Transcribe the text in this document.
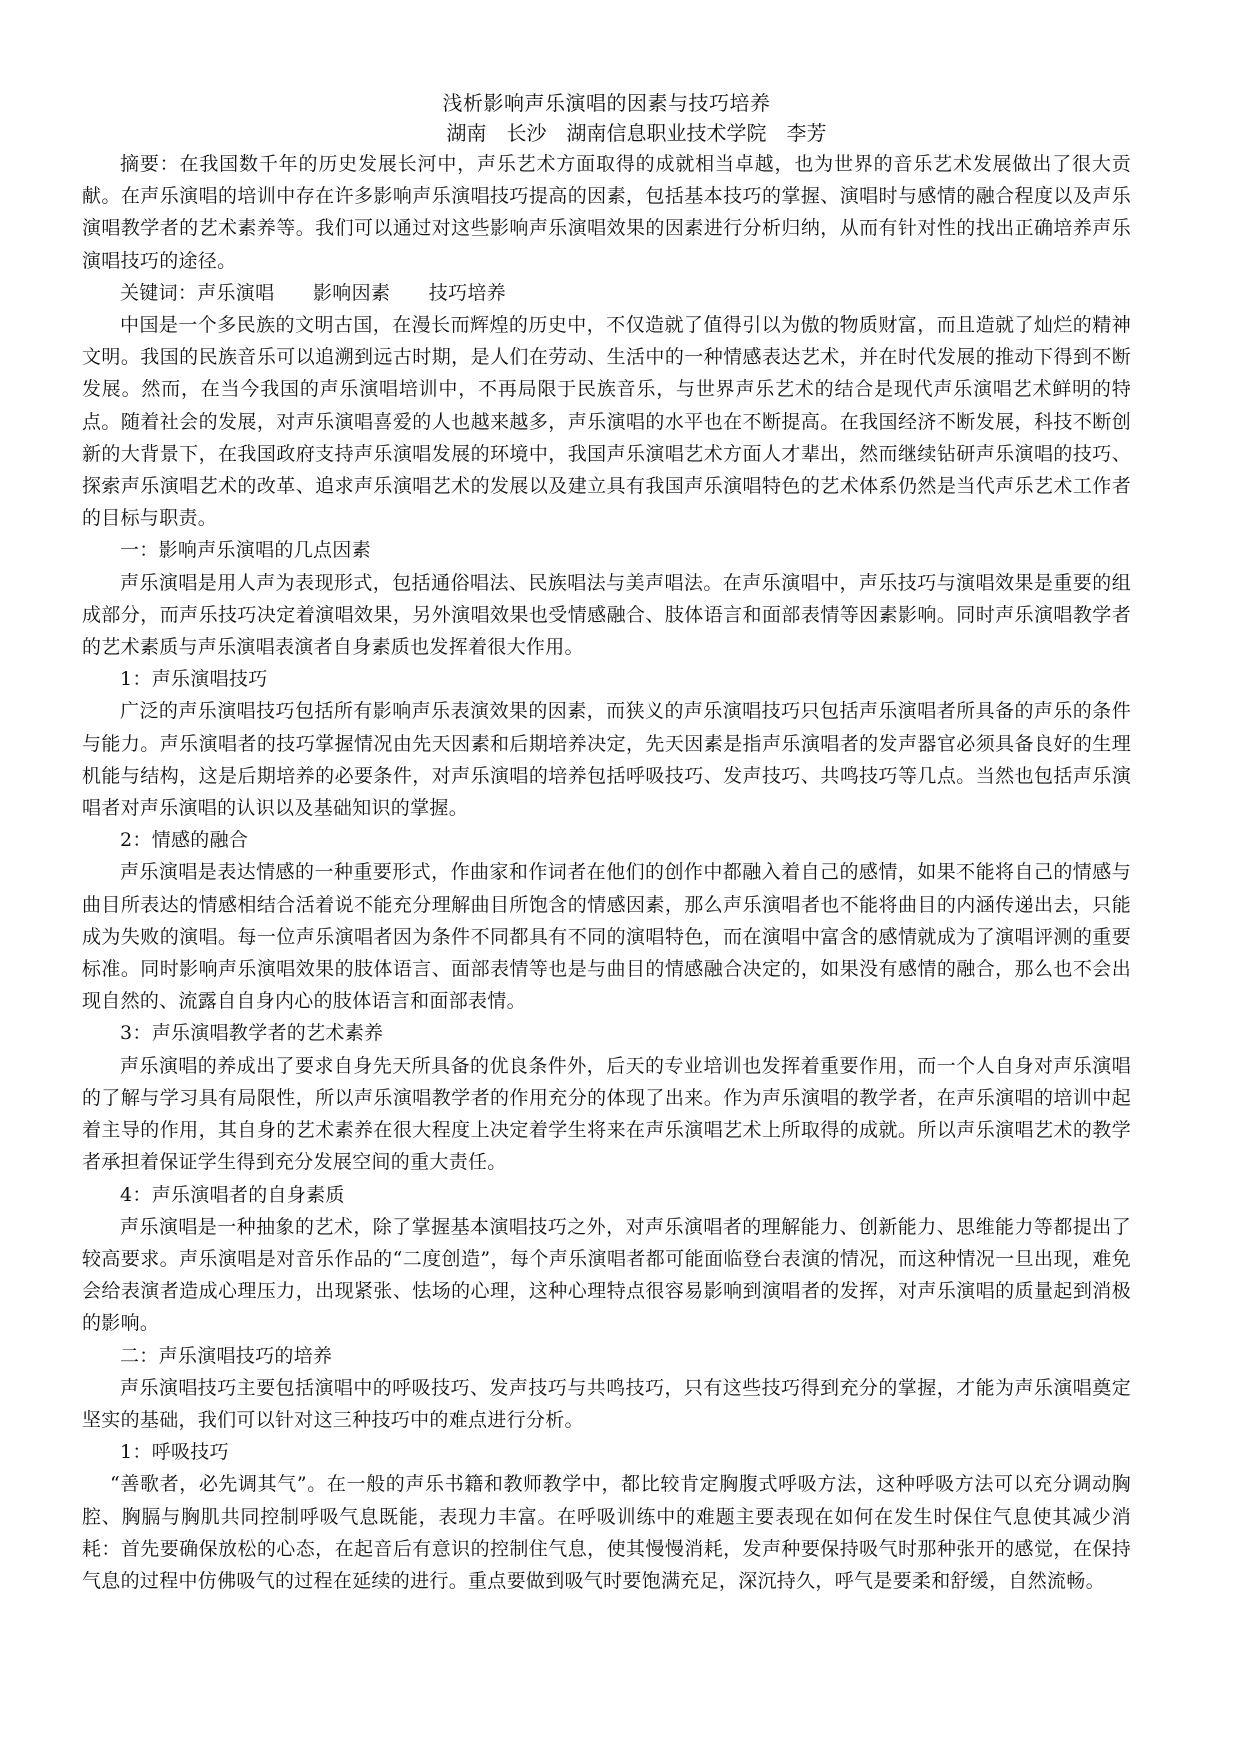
浅析影响声乐演唱的因素与技巧培养
湖南　长沙　湖南信息职业技术学院　李芳

摘要：在我国数千年的历史发展长河中，声乐艺术方面取得的成就相当卓越，也为世界的音乐艺术发展做出了很大贡献。在声乐演唱的培训中存在许多影响声乐演唱技巧提高的因素，包括基本技巧的掌握、演唱时与感情的融合程度以及声乐演唱教学者的艺术素养等。我们可以通过对这些影响声乐演唱效果的因素进行分析归纳，从而有针对性的找出正确培养声乐演唱技巧的途径。

关键词：声乐演唱　　影响因素　　技巧培养

中国是一个多民族的文明古国，在漫长而辉煌的历史中，不仅造就了值得引以为傲的物质财富，而且造就了灿烂的精神文明。我国的民族音乐可以追溯到远古时期，是人们在劳动、生活中的一种情感表达艺术，并在时代发展的推动下得到不断发展。然而，在当今我国的声乐演唱培训中，不再局限于民族音乐，与世界声乐艺术的结合是现代声乐演唱艺术鲜明的特点。随着社会的发展，对声乐演唱喜爱的人也越来越多，声乐演唱的水平也在不断提高。在我国经济不断发展，科技不断创新的大背景下，在我国政府支持声乐演唱发展的环境中，我国声乐演唱艺术方面人才辈出，然而继续钻研声乐演唱的技巧、探索声乐演唱艺术的改革、追求声乐演唱艺术的发展以及建立具有我国声乐演唱特色的艺术体系仍然是当代声乐艺术工作者的目标与职责。

一：影响声乐演唱的几点因素

声乐演唱是用人声为表现形式，包括通俗唱法、民族唱法与美声唱法。在声乐演唱中，声乐技巧与演唱效果是重要的组成部分，而声乐技巧决定着演唱效果，另外演唱效果也受情感融合、肢体语言和面部表情等因素影响。同时声乐演唱教学者的艺术素质与声乐演唱表演者自身素质也发挥着很大作用。

1：声乐演唱技巧

广泛的声乐演唱技巧包括所有影响声乐表演效果的因素，而狭义的声乐演唱技巧只包括声乐演唱者所具备的声乐的条件与能力。声乐演唱者的技巧掌握情况由先天因素和后期培养决定，先天因素是指声乐演唱者的发声器官必须具备良好的生理机能与结构，这是后期培养的必要条件，对声乐演唱的培养包括呼吸技巧、发声技巧、共鸣技巧等几点。当然也包括声乐演唱者对声乐演唱的认识以及基础知识的掌握。

2：情感的融合

声乐演唱是表达情感的一种重要形式，作曲家和作词者在他们的创作中都融入着自己的感情，如果不能将自己的情感与曲目所表达的情感相结合活着说不能充分理解曲目所饱含的情感因素，那么声乐演唱者也不能将曲目的内涵传递出去，只能成为失败的演唱。每一位声乐演唱者因为条件不同都具有不同的演唱特色，而在演唱中富含的感情就成为了演唱评测的重要标准。同时影响声乐演唱效果的肢体语言、面部表情等也是与曲目的情感融合决定的，如果没有感情的融合，那么也不会出现自然的、流露自自身内心的肢体语言和面部表情。

3：声乐演唱教学者的艺术素养

声乐演唱的养成出了要求自身先天所具备的优良条件外，后天的专业培训也发挥着重要作用，而一个人自身对声乐演唱的了解与学习具有局限性，所以声乐演唱教学者的作用充分的体现了出来。作为声乐演唱的教学者，在声乐演唱的培训中起着主导的作用，其自身的艺术素养在很大程度上决定着学生将来在声乐演唱艺术上所取得的成就。所以声乐演唱艺术的教学者承担着保证学生得到充分发展空间的重大责任。

4：声乐演唱者的自身素质

声乐演唱是一种抽象的艺术，除了掌握基本演唱技巧之外，对声乐演唱者的理解能力、创新能力、思维能力等都提出了较高要求。声乐演唱是对音乐作品的“二度创造”，每个声乐演唱者都可能面临登台表演的情况，而这种情况一旦出现，难免会给表演者造成心理压力，出现紧张、怯场的心理，这种心理特点很容易影响到演唱者的发挥，对声乐演唱的质量起到消极的影响。

二：声乐演唱技巧的培养

声乐演唱技巧主要包括演唱中的呼吸技巧、发声技巧与共鸣技巧，只有这些技巧得到充分的掌握，才能为声乐演唱奠定坚实的基础，我们可以针对这三种技巧中的难点进行分析。

1：呼吸技巧

“善歌者，必先调其气”。在一般的声乐书籍和教师教学中，都比较肯定胸腹式呼吸方法，这种呼吸方法可以充分调动胸腔、胸膈与胸肌共同控制呼吸气息既能，表现力丰富。在呼吸训练中的难题主要表现在如何在发生时保住气息使其减少消耗：首先要确保放松的心态，在起音后有意识的控制住气息，使其慢慢消耗，发声种要保持吸气时那种张开的感觉，在保持气息的过程中仿佛吸气的过程在延续的进行。重点要做到吸气时要饱满充足，深沉持久，呼气是要柔和舒缓，自然流畅。
